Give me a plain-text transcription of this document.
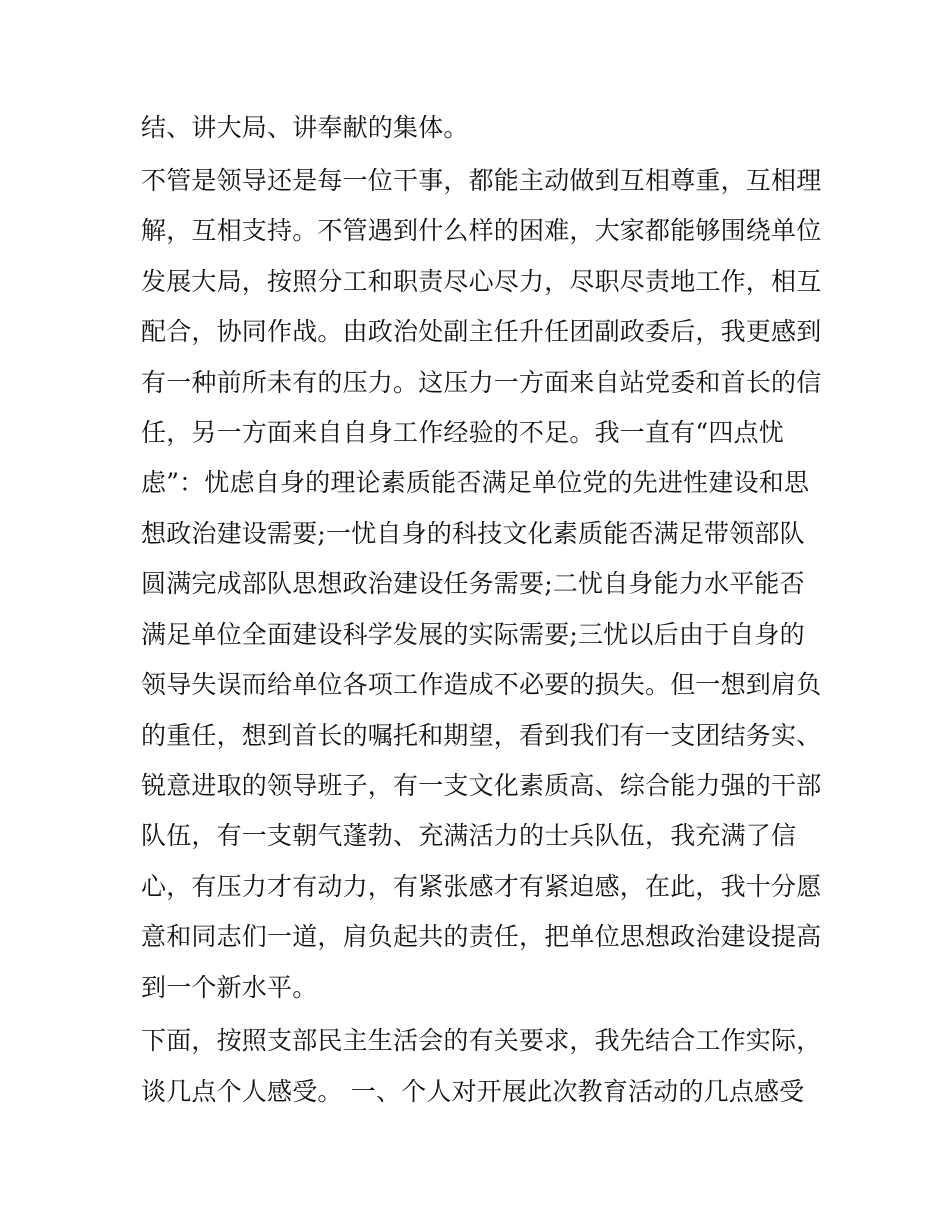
结、讲大局、讲奉献的集体。
不管是领导还是每一位干事，都能主动做到互相尊重，互相理
解，互相支持。不管遇到什么样的困难，大家都能够围绕单位
发展大局，按照分工和职责尽心尽力，尽职尽责地工作，相互
配合，协同作战。由政治处副主任升任团副政委后，我更感到
有一种前所未有的压力。这压力一方面来自站党委和首长的信
任，另一方面来自自身工作经验的不足。我一直有“四点忧
虑”：忧虑自身的理论素质能否满足单位党的先进性建设和思
想政治建设需要;一忧自身的科技文化素质能否满足带领部队
圆满完成部队思想政治建设任务需要;二忧自身能力水平能否
满足单位全面建设科学发展的实际需要;三忧以后由于自身的
领导失误而给单位各项工作造成不必要的损失。但一想到肩负
的重任，想到首长的嘱托和期望，看到我们有一支团结务实、
锐意进取的领导班子，有一支文化素质高、综合能力强的干部
队伍，有一支朝气蓬勃、充满活力的士兵队伍，我充满了信
心，有压力才有动力，有紧张感才有紧迫感，在此，我十分愿
意和同志们一道，肩负起共的责任，把单位思想政治建设提高
到一个新水平。
下面，按照支部民主生活会的有关要求，我先结合工作实际，
谈几点个人感受。 一、个人对开展此次教育活动的几点感受
